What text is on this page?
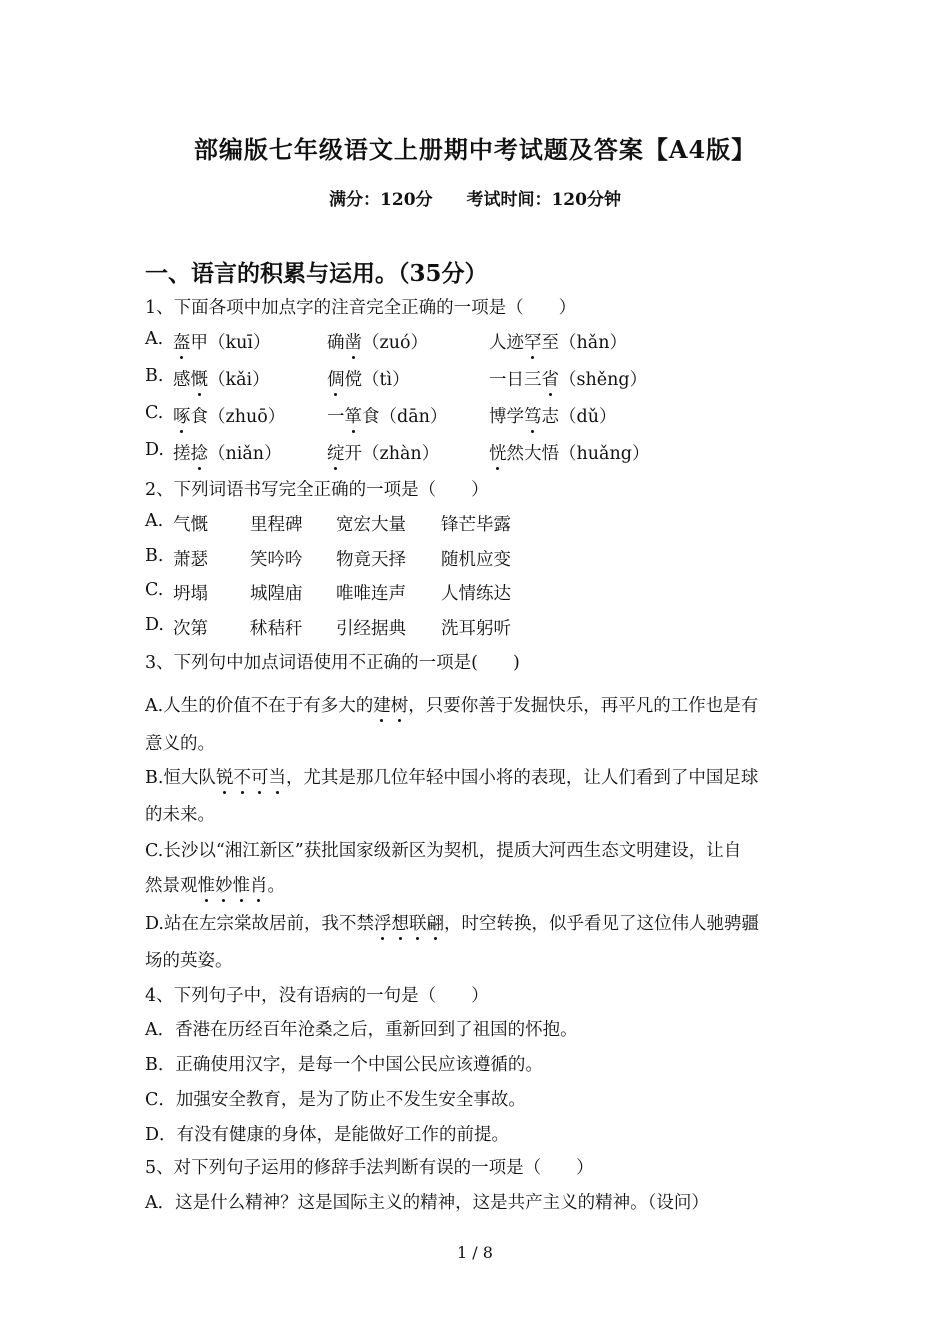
部编版七年级语文上册期中考试题及答案【A4版】
满分：120分 考试时间：120分钟
一、语言的积累与运用。（35分）
1、下面各项中加点字的注音完全正确的一项是（　　）
A. 盔甲（kuī）	确凿（zuó）	人迹罕至（hǎn）
B. 感慨（kǎi）	倜傥（tì）	一日三省（shěng）
C. 啄食（zhuō） 一箪食（dān） 博学笃志（dǔ）
D. 搓捻（niǎn）	绽开（zhàn）	恍然大悟（huǎng）
2、下列词语书写完全正确的一项是（　　）
A. 气慨 里程碑 宽宏大量 锋芒毕露
B. 萧瑟 笑吟吟 物竟天择 随机应变
C. 坍塌 城隍庙 唯唯连声 人情练达
D. 次第 秫秸秆 引经据典 洗耳躬听
3、下列句中加点词语使用不正确的一项是(　　)
A.人生的价值不在于有多大的建树，只要你善于发掘快乐，再平凡的工作也是有
意义的。
B.恒大队锐不可当，尤其是那几位年轻中国小将的表现，让人们看到了中国足球
的未来。
C.长沙以“湘江新区”获批国家级新区为契机，提质大河西生态文明建设，让自
然景观惟妙惟肖。
D.站在左宗棠故居前，我不禁浮想联翩，时空转换，似乎看见了这位伟人驰骋疆
场的英姿。
4、下列句子中，没有语病的一句是（　　）
A．香港在历经百年沧桑之后，重新回到了祖国的怀抱。
B．正确使用汉字，是每一个中国公民应该遵循的。
C．加强安全教育，是为了防止不发生安全事故。
D．有没有健康的身体，是能做好工作的前提。
5、对下列句子运用的修辞手法判断有误的一项是（　　）
A．这是什么精神？这是国际主义的精神，这是共产主义的精神。（设问）
1 / 8
